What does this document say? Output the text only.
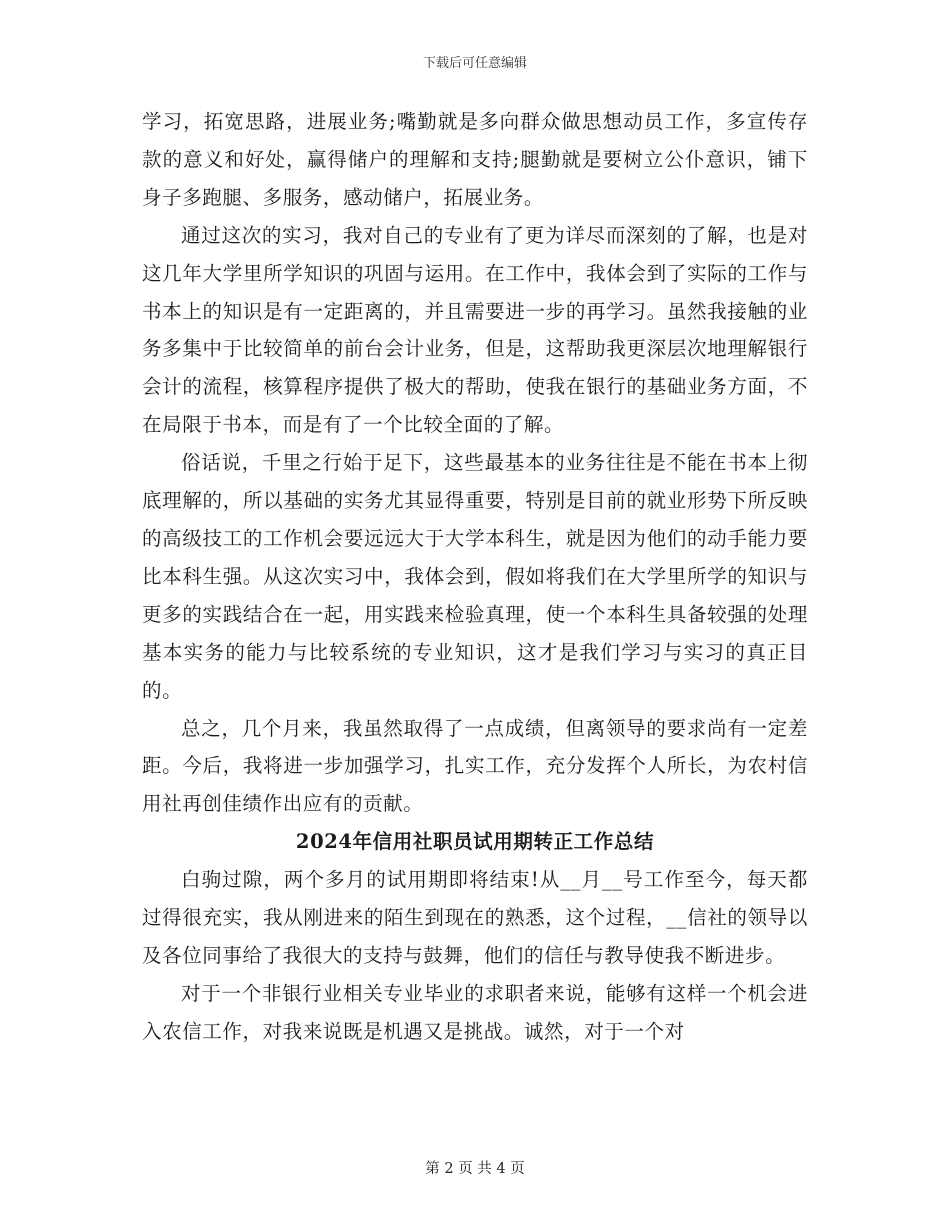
下载后可任意编辑

学习，拓宽思路，进展业务;嘴勤就是多向群众做思想动员工作，多宣传存款的意义和好处，赢得储户的理解和支持;腿勤就是要树立公仆意识，铺下身子多跑腿、多服务，感动储户，拓展业务。

通过这次的实习，我对自己的专业有了更为详尽而深刻的了解，也是对这几年大学里所学知识的巩固与运用。在工作中，我体会到了实际的工作与书本上的知识是有一定距离的，并且需要进一步的再学习。虽然我接触的业务多集中于比较简单的前台会计业务，但是，这帮助我更深层次地理解银行会计的流程，核算程序提供了极大的帮助，使我在银行的基础业务方面，不在局限于书本，而是有了一个比较全面的了解。

俗话说，千里之行始于足下，这些最基本的业务往往是不能在书本上彻底理解的，所以基础的实务尤其显得重要，特别是目前的就业形势下所反映的高级技工的工作机会要远远大于大学本科生，就是因为他们的动手能力要比本科生强。从这次实习中，我体会到，假如将我们在大学里所学的知识与更多的实践结合在一起，用实践来检验真理，使一个本科生具备较强的处理基本实务的能力与比较系统的专业知识，这才是我们学习与实习的真正目的。

总之，几个月来，我虽然取得了一点成绩，但离领导的要求尚有一定差距。今后，我将进一步加强学习，扎实工作，充分发挥个人所长，为农村信用社再创佳绩作出应有的贡献。

2024年信用社职员试用期转正工作总结

白驹过隙，两个多月的试用期即将结束!从__月__号工作至今，每天都过得很充实，我从刚进来的陌生到现在的熟悉，这个过程，__信社的领导以及各位同事给了我很大的支持与鼓舞，他们的信任与教导使我不断进步。

对于一个非银行业相关专业毕业的求职者来说，能够有这样一个机会进入农信工作，对我来说既是机遇又是挑战。诚然，对于一个对

第 2 页 共 4 页
